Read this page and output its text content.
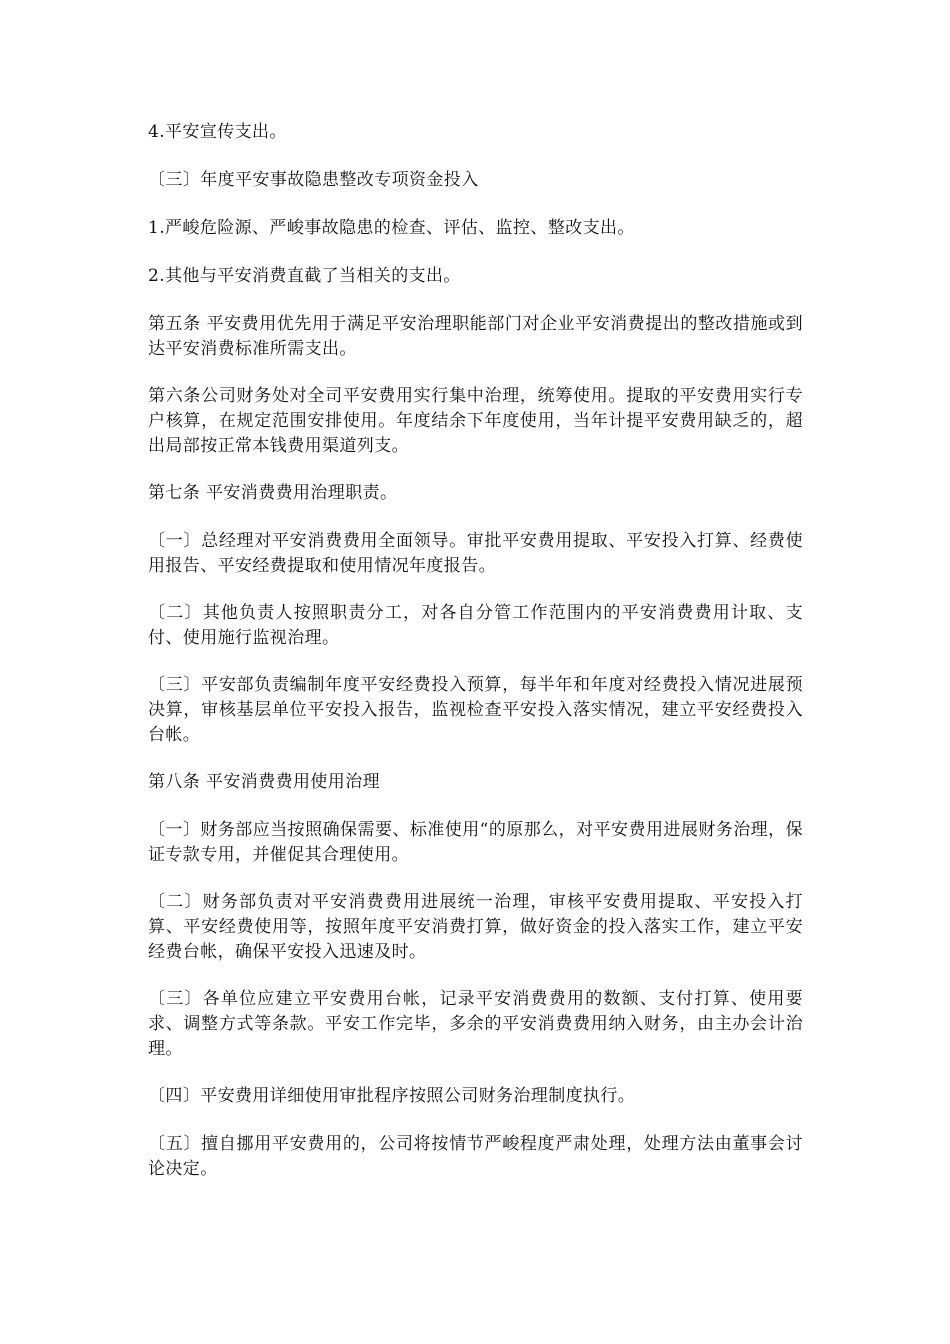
4.平安宣传支出。

〔三〕年度平安事故隐患整改专项资金投入

1.严峻危险源、严峻事故隐患的检查、评估、监控、整改支出。

2.其他与平安消费直截了当相关的支出。

第五条 平安费用优先用于满足平安治理职能部门对企业平安消费提出的整改措施或到达平安消费标准所需支出。

第六条公司财务处对全司平安费用实行集中治理，统筹使用。提取的平安费用实行专户核算，在规定范围安排使用。年度结余下年度使用，当年计提平安费用缺乏的，超出局部按正常本钱费用渠道列支。

第七条 平安消费费用治理职责。

〔一〕总经理对平安消费费用全面领导。审批平安费用提取、平安投入打算、经费使用报告、平安经费提取和使用情况年度报告。

〔二〕其他负责人按照职责分工，对各自分管工作范围内的平安消费费用计取、支付、使用施行监视治理。

〔三〕平安部负责编制年度平安经费投入预算，每半年和年度对经费投入情况进展预决算，审核基层单位平安投入报告，监视检查平安投入落实情况，建立平安经费投入台帐。

第八条 平安消费费用使用治理

〔一〕财务部应当按照确保需要、标准使用“的原那么，对平安费用进展财务治理，保证专款专用，并催促其合理使用。

〔二〕财务部负责对平安消费费用进展统一治理，审核平安费用提取、平安投入打算、平安经费使用等，按照年度平安消费打算，做好资金的投入落实工作，建立平安经费台帐，确保平安投入迅速及时。

〔三〕各单位应建立平安费用台帐，记录平安消费费用的数额、支付打算、使用要求、调整方式等条款。平安工作完毕，多余的平安消费费用纳入财务，由主办会计治理。

〔四〕平安费用详细使用审批程序按照公司财务治理制度执行。

〔五〕擅自挪用平安费用的，公司将按情节严峻程度严肃处理，处理方法由董事会讨论决定。
